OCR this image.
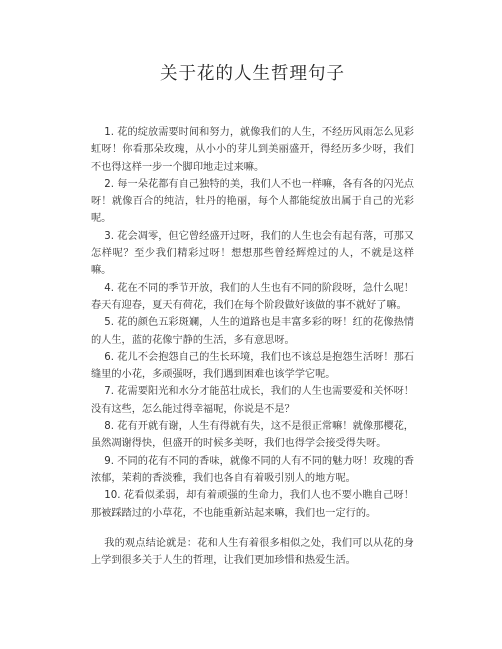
关于花的人生哲理句子

1. 花的绽放需要时间和努力，就像我们的人生，不经历风雨怎么见彩虹呀！你看那朵玫瑰，从小小的芽儿到美丽盛开，得经历多少呀，我们不也得这样一步一个脚印地走过来嘛。

2. 每一朵花都有自己独特的美，我们人不也一样嘛，各有各的闪光点呀！就像百合的纯洁，牡丹的艳丽，每个人都能绽放出属于自己的光彩呢。

3. 花会凋零，但它曾经盛开过呀，我们的人生也会有起有落，可那又怎样呢？至少我们精彩过呀！想想那些曾经辉煌过的人，不就是这样嘛。

4. 花在不同的季节开放，我们的人生也有不同的阶段呀，急什么呢！春天有迎春，夏天有荷花，我们在每个阶段做好该做的事不就好了嘛。

5. 花的颜色五彩斑斓，人生的道路也是丰富多彩的呀！红的花像热情的人生，蓝的花像宁静的生活，多有意思呀。

6. 花儿不会抱怨自己的生长环境，我们也不该总是抱怨生活呀！那石缝里的小花，多顽强呀，我们遇到困难也该学学它呢。

7. 花需要阳光和水分才能茁壮成长，我们的人生也需要爱和关怀呀！没有这些，怎么能过得幸福呢，你说是不是？

8. 花有开就有谢，人生有得就有失，这不是很正常嘛！就像那樱花，虽然凋谢得快，但盛开的时候多美呀，我们也得学会接受得失呀。

9. 不同的花有不同的香味，就像不同的人有不同的魅力呀！玫瑰的香浓郁，茉莉的香淡雅，我们也各自有着吸引别人的地方呢。

10. 花看似柔弱，却有着顽强的生命力，我们人也不要小瞧自己呀！那被踩踏过的小草花，不也能重新站起来嘛，我们也一定行的。

我的观点结论就是：花和人生有着很多相似之处，我们可以从花的身上学到很多关于人生的哲理，让我们更加珍惜和热爱生活。
